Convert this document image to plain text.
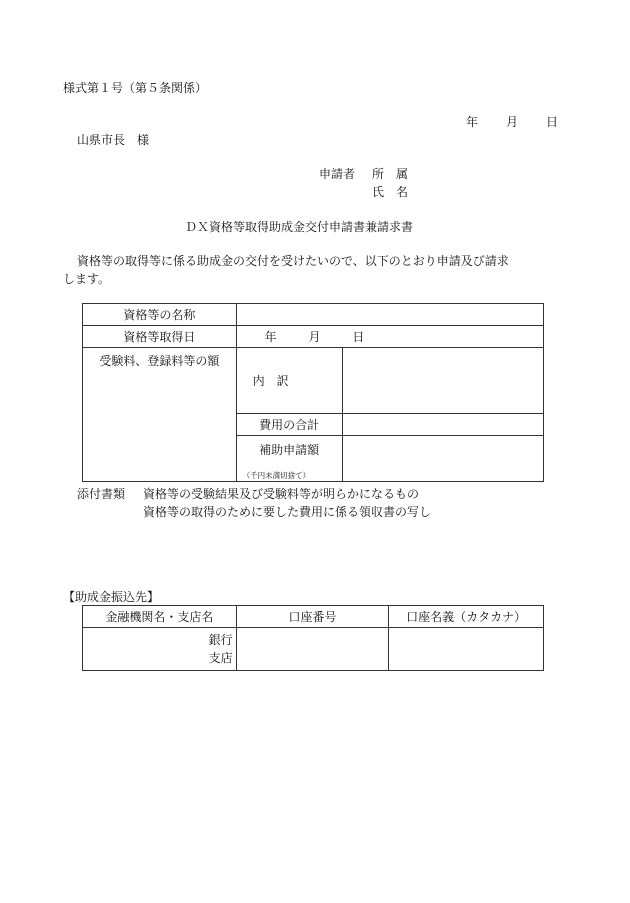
様式第１号（第５条関係）
年 月 日
山県市長　様
申請者 所　属
氏　名
ＤＸ資格等取得助成金交付申請書兼請求書
資格等の取得等に係る助成金の交付を受けたいので、以下のとおり申請及び請求
します。
資格等の名称		
資格等取得日	年 月 日	
受験料、登録料等の額	内　訳	
	費用の合計	

	補助申請額
（千円未満切捨て）	

添付書類 資格等の受験結果及び受験料等が明らかになるもの
資格等の取得のために要した費用に係る領収書の写し
【助成金振込先】
金融機関名・支店名	口座番号	口座名義（カタカナ）

銀行
支店		
